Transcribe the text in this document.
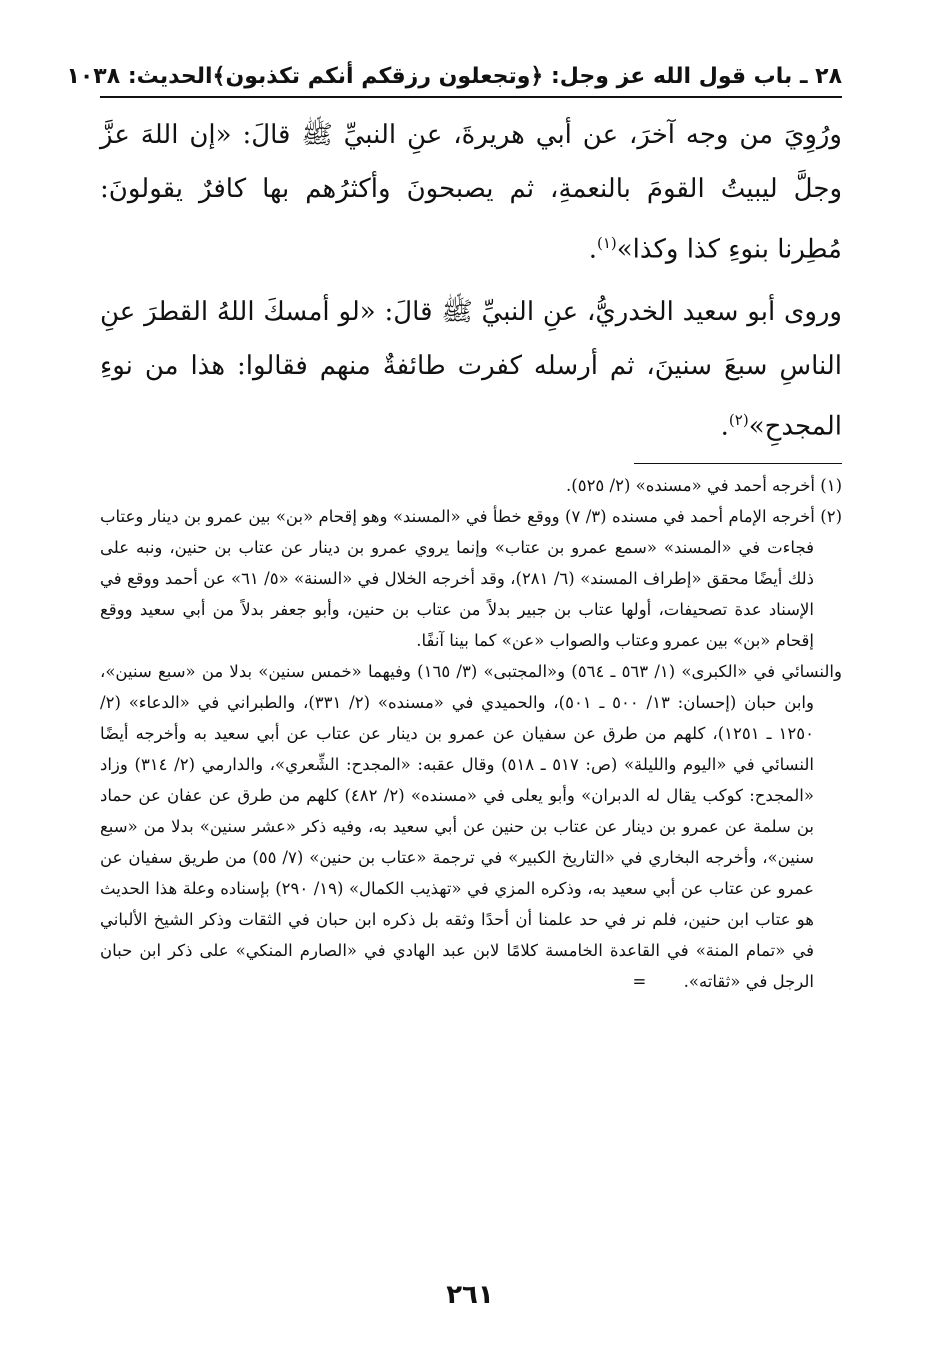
٢٨ ـ باب قول الله عز وجل: ﴿وتجعلون رزقكم أنكم تكذبون﴾
الحديث: ١٠٣٨

ورُوِيَ من وجه آخرَ، عن أبي هريرةَ، عنِ النبيِّ ﷺ قالَ: «إن اللهَ عزَّ وجلَّ ليبيتُ القومَ بالنعمةِ، ثم يصبحونَ وأكثرُهم بها كافرٌ يقولونَ: مُطِرنا بنوءِ كذا وكذا»$^{(١)}$.

وروى أبو سعيد الخدريُّ، عنِ النبيِّ ﷺ قالَ: «لو أمسكَ اللهُ القطرَ عنِ الناسِ سبعَ سنينَ، ثم أرسله كفرت طائفةٌ منهم فقالوا: هذا من نوءِ المجدحِ»$^{(٢)}$.

(١) أخرجه أحمد في «مسنده» (٢/ ٥٢٥).

(٢) أخرجه الإمام أحمد في مسنده (٣/ ٧) ووقع خطأ في «المسند» وهو إقحام «بن» بين عمرو بن دينار وعتاب فجاءت في «المسند» «سمع عمرو بن عتاب» وإنما يروي عمرو بن دينار عن عتاب بن حنين، ونبه على ذلك أيضًا محقق «إطراف المسند» (٦/ ٢٨١)، وقد أخرجه الخلال في «السنة» «٥/ ٦١» عن أحمد ووقع في الإسناد عدة تصحيفات، أولها عتاب بن جبير بدلاً من عتاب بن حنين، وأبو جعفر بدلاً من أبي سعيد ووقع إقحام «بن» بين عمرو وعتاب والصواب «عن» كما بينا آنفًا.

والنسائي في «الكبرى» (١/ ٥٦٣ ـ ٥٦٤) و«المجتبى» (٣/ ١٦٥) وفيهما «خمس سنين» بدلا من «سبع سنين»، وابن حبان (إحسان: ١٣/ ٥٠٠ ـ ٥٠١)، والحميدي في «مسنده» (٢/ ٣٣١)، والطبراني في «الدعاء» (٢/ ١٢٥٠ ـ ١٢٥١)، كلهم من طرق عن سفيان عن عمرو بن دينار عن عتاب عن أبي سعيد به وأخرجه أيضًا النسائي في «اليوم والليلة» (ص: ٥١٧ ـ ٥١٨) وقال عقبه: «المجدح: الشِّعري»، والدارمي (٢/ ٣١٤) وزاد «المجدح: كوكب يقال له الدبران» وأبو يعلى في «مسنده» (٢/ ٤٨٢) كلهم من طرق عن عفان عن حماد بن سلمة عن عمرو بن دينار عن عتاب بن حنين عن أبي سعيد به، وفيه ذكر «عشر سنين» بدلا من «سبع سنين»، وأخرجه البخاري في «التاريخ الكبير» في ترجمة «عتاب بن حنين» (٧/ ٥٥) من طريق سفيان عن عمرو عن عتاب عن أبي سعيد به، وذكره المزي في «تهذيب الكمال» (١٩/ ٢٩٠) بإسناده وعلة هذا الحديث هو عتاب ابن حنين، فلم نر في حد علمنا أن أحدًا وثقه بل ذكره ابن حبان في الثقات وذكر الشيخ الألباني في «تمام المنة» في القاعدة الخامسة كلامًا لابن عبد الهادي في «الصارم المنكي» على ذكر ابن حبان الرجل في «ثقاته». =

٢٦١
